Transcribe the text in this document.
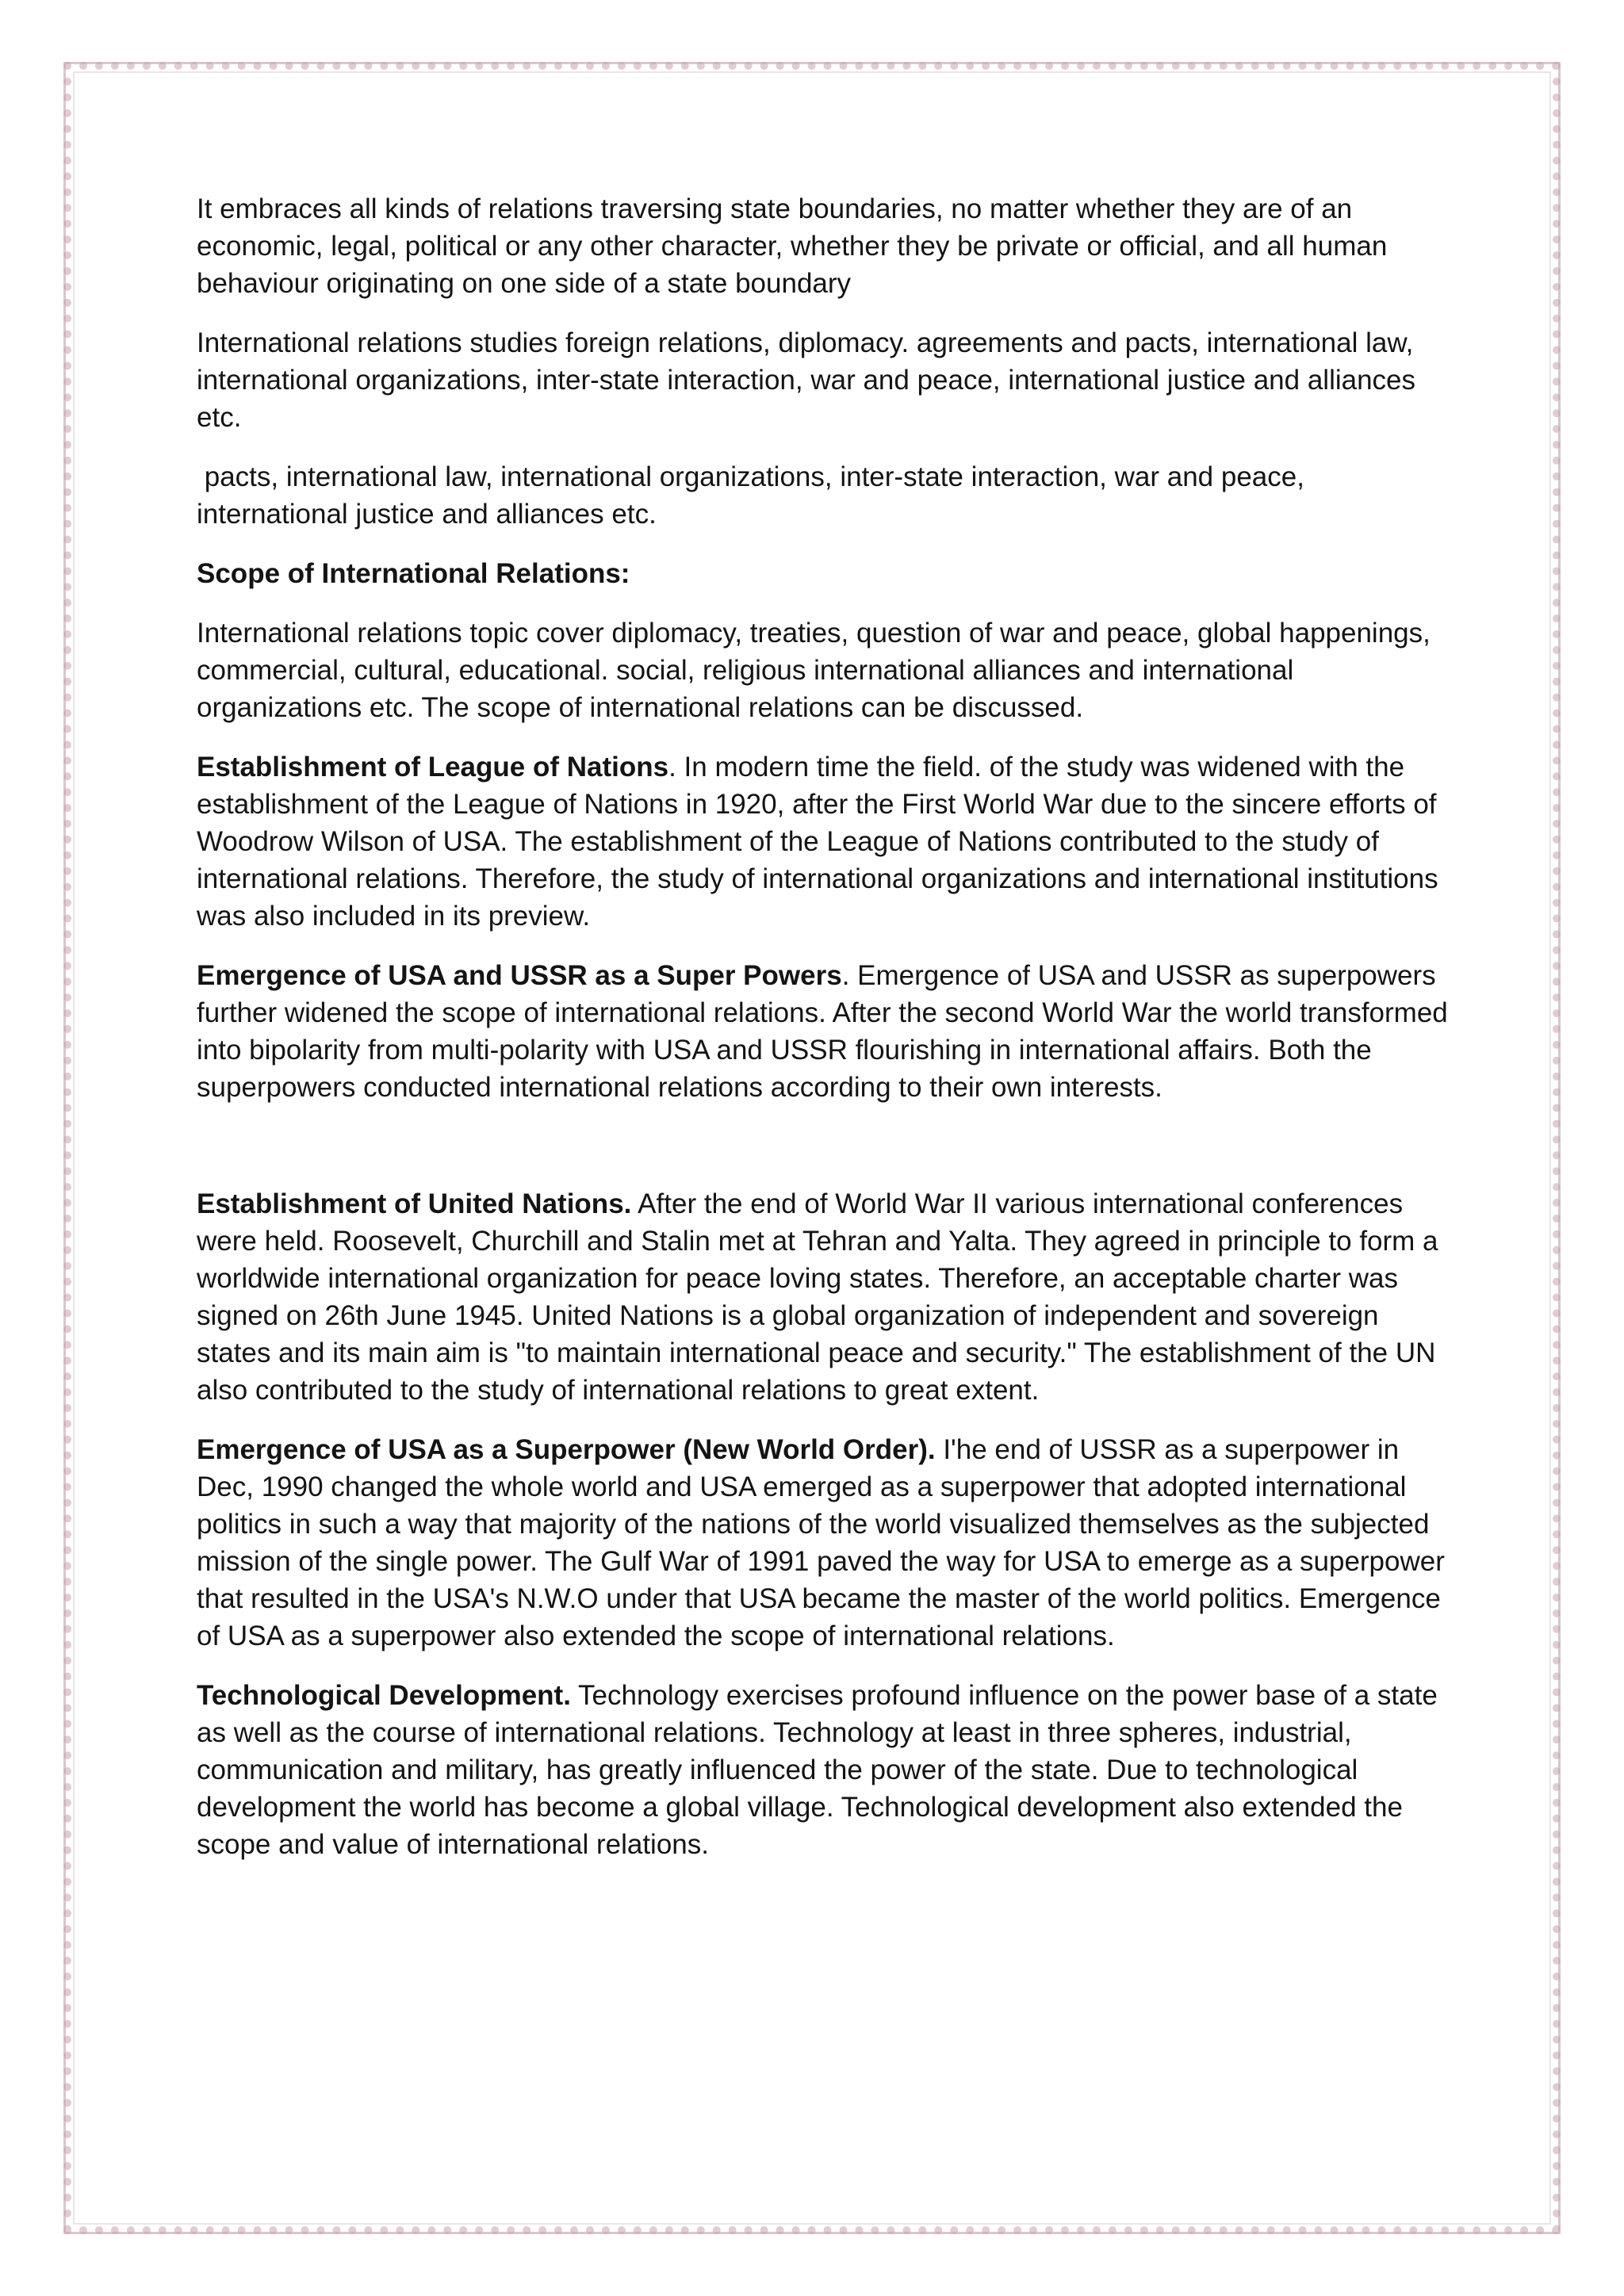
It embraces all kinds of relations traversing state boundaries, no matter whether they are of an economic, legal, political or any other character, whether they be private or official, and all human behaviour originating on one side of a state boundary

International relations studies foreign relations, diplomacy. agreements and pacts, international law, international organizations, inter-state interaction, war and peace, international justice and alliances etc.

pacts, international law, international organizations, inter-state interaction, war and peace, international justice and alliances etc.

Scope of International Relations:

International relations topic cover diplomacy, treaties, question of war and peace, global happenings, commercial, cultural, educational. social, religious international alliances and international organizations etc. The scope of international relations can be discussed.

Establishment of League of Nations. In modern time the field. of the study was widened with the establishment of the League of Nations in 1920, after the First World War due to the sincere efforts of Woodrow Wilson of USA. The establishment of the League of Nations contributed to the study of international relations. Therefore, the study of international organizations and international institutions was also included in its preview.

Emergence of USA and USSR as a Super Powers. Emergence of USA and USSR as superpowers further widened the scope of international relations. After the second World War the world transformed into bipolarity from multi-polarity with USA and USSR flourishing in international affairs. Both the superpowers conducted international relations according to their own interests.

Establishment of United Nations. After the end of World War II various international conferences were held. Roosevelt, Churchill and Stalin met at Tehran and Yalta. They agreed in principle to form a worldwide international organization for peace loving states. Therefore, an acceptable charter was signed on 26th June 1945. United Nations is a global organization of independent and sovereign states and its main aim is "to maintain international peace and security." The establishment of the UN also contributed to the study of international relations to great extent.

Emergence of USA as a Superpower (New World Order). I'he end of USSR as a superpower in Dec, 1990 changed the whole world and USA emerged as a superpower that adopted international politics in such a way that majority of the nations of the world visualized themselves as the subjected mission of the single power. The Gulf War of 1991 paved the way for USA to emerge as a superpower that resulted in the USA's N.W.O under that USA became the master of the world politics. Emergence of USA as a superpower also extended the scope of international relations.

Technological Development. Technology exercises profound influence on the power base of a state as well as the course of international relations. Technology at least in three spheres, industrial, communication and military, has greatly influenced the power of the state. Due to technological development the world has become a global village. Technological development also extended the scope and value of international relations.
